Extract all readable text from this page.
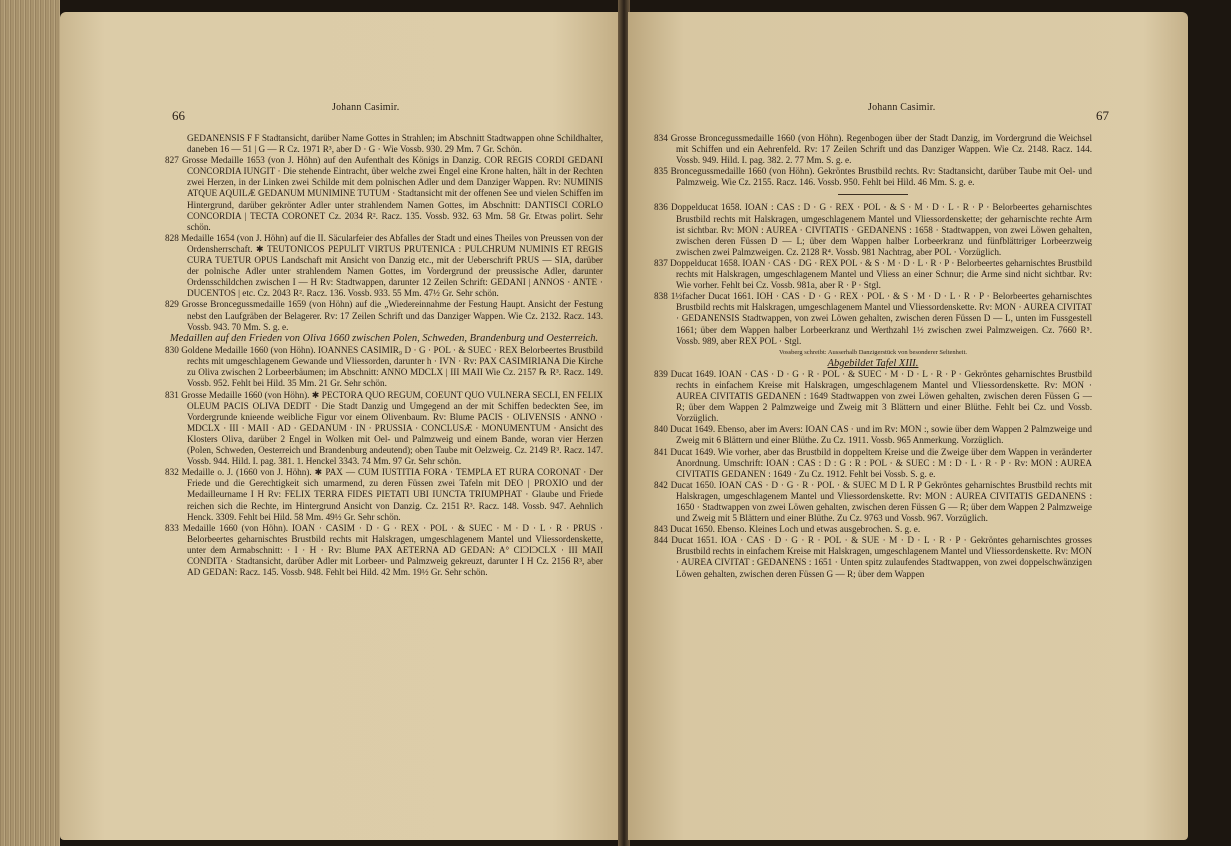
66
Johann Casimir.

GEDANENSIS F F Stadtansicht, darüber Name Gottes in Strahlen; im Abschnitt Stadtwappen ohne Schildhalter, daneben 16 — 51 | G — R Cz. 1971 R³, aber D · G · Wie Vossb. 930. 29 Mm. 7 Gr. Schön.

827 Grosse Medaille 1653 (von J. Höhn) auf den Aufenthalt des Königs in Danzig. COR REGIS CORDI GEDANI CONCORDIA IUNGIT · Die stehende Eintracht, über welche zwei Engel eine Krone halten, hält in der Rechten zwei Herzen, in der Linken zwei Schilde mit dem polnischen Adler und dem Danziger Wappen. Rv: NUMINIS ATQUE AQUILÆ GEDANUM MUNIMINE TUTUM · Stadtansicht mit der offenen See und vielen Schiffen im Hintergrund, darüber gekrönter Adler unter strahlendem Namen Gottes, im Abschnitt: DANTISCI CORLO CONCORDIA | TECTA CORONET Cz. 2034 R². Racz. 135. Vossb. 932. 63 Mm. 58 Gr. Etwas polirt. Sehr schön.

828 Medaille 1654 (von J. Höhn) auf die II. Säcularfeier des Abfalles der Stadt und eines Theiles von Preussen von der Ordensherrschaft. ✱ TEUTONICOS PEPULIT VIRTUS PRUTENICA : PULCHRUM NUMINIS ET REGIS CURA TUETUR OPUS Landschaft mit Ansicht von Danzig etc., mit der Ueberschrift PRUS — SIA, darüber der polnische Adler unter strahlendem Namen Gottes, im Vordergrund der preussische Adler, darunter Ordensschildchen zwischen I — H Rv: Stadtwappen, darunter 12 Zeilen Schrift: GEDANI | ANNOS · ANTE · DUCENTOS | etc. Cz. 2043 R². Racz. 136. Vossb. 933. 55 Mm. 47½ Gr. Sehr schön.

829 Grosse Broncegussmedaille 1659 (von Höhn) auf die „Wiedereinnahme der Festung Haupt. Ansicht der Festung nebst den Laufgräben der Belagerer. Rv: 17 Zeilen Schrift und das Danziger Wappen. Wie Cz. 2132. Racz. 143. Vossb. 943. 70 Mm. S. g. e.

Medaillen auf den Frieden von Oliva 1660 zwischen Polen, Schweden, Brandenburg und Oesterreich.

830 Goldene Medaille 1660 (von Höhn). IOANNES CASIMIR₉ D · G · POL · & SUEC · REX Belorbeertes Brustbild rechts mit umgeschlagenem Gewande und Vliessorden, darunter h · IVN · Rv: PAX CASIMIRIANA Die Kirche zu Oliva zwischen 2 Lorbeerbäumen; im Abschnitt: ANNO MDCLX | III MAII Wie Cz. 2157 ℞ R³. Racz. 149. Vossb. 952. Fehlt bei Hild. 35 Mm. 21 Gr. Sehr schön.

831 Grosse Medaille 1660 (von Höhn). ✱ PECTORA QUO REGUM, COEUNT QUO VULNERA SECLI, EN FELIX OLEUM PACIS OLIVA DEDIT · Die Stadt Danzig und Umgegend an der mit Schiffen bedeckten See, im Vordergrunde knieende weibliche Figur vor einem Olivenbaum. Rv: Blume PACIS · OLIVENSIS · ANNO · MDCLX · III · MAII · AD · GEDANUM · IN · PRUSSIA · CONCLUSÆ · MONUMENTUM · Ansicht des Klosters Oliva, darüber 2 Engel in Wolken mit Oel- und Palmzweig und einem Bande, woran vier Herzen (Polen, Schweden, Oesterreich und Brandenburg andeutend); oben Taube mit Oelzweig. Cz. 2149 R³. Racz. 147. Vossb. 944. Hild. I. pag. 381. 1. Henckel 3343. 74 Mm. 97 Gr. Sehr schön.

832 Medaille o. J. (1660 von J. Höhn). ✱ PAX — CUM IUSTITIA FORA · TEMPLA ET RURA CORONAT · Der Friede und die Gerechtigkeit sich umarmend, zu deren Füssen zwei Tafeln mit DEO | PROXIO und der Medailleurname I H Rv: FELIX TERRA FIDES PIETATI UBI IUNCTA TRIUMPHAT · Glaube und Friede reichen sich die Rechte, im Hintergrund Ansicht von Danzig. Cz. 2151 R³. Racz. 148. Vossb. 947. Aehnlich Henck. 3309. Fehlt bei Hild. 58 Mm. 49½ Gr. Sehr schön.

833 Medaille 1660 (von Höhn). IOAN · CASIM · D · G · REX · POL · & SUEC · M · D · L · R · PRUS · Belorbeertes geharnischtes Brustbild rechts mit Halskragen, umgeschlagenem Mantel und Vliessordenskette, unter dem Armabschnitt: · I · H · Rv: Blume PAX AETERNA AD GEDAN: A° CIƆIƆCLX · III MAII CONDITA · Stadtansicht, darüber Adler mit Lorbeer- und Palmzweig gekreuzt, darunter I H Cz. 2156 R³, aber AD GEDAN: Racz. 145. Vossb. 948. Fehlt bei Hild. 42 Mm. 19½ Gr. Sehr schön.

Johann Casimir.
67

834 Grosse Broncegussmedaille 1660 (von Höhn). Regenbogen über der Stadt Danzig, im Vordergrund die Weichsel mit Schiffen und ein Aehrenfeld. Rv: 17 Zeilen Schrift und das Danziger Wappen. Wie Cz. 2148. Racz. 144. Vossb. 949. Hild. I. pag. 382. 2. 77 Mm. S. g. e.

835 Broncegussmedaille 1660 (von Höhn). Gekröntes Brustbild rechts. Rv: Stadtansicht, darüber Taube mit Oel- und Palmzweig. Wie Cz. 2155. Racz. 146. Vossb. 950. Fehlt bei Hild. 46 Mm. S. g. e.

836 Doppelducat 1658. IOAN : CAS : D · G · REX · POL · & S · M · D · L · R · P · Belorbeertes geharnischtes Brustbild rechts mit Halskragen, umgeschlagenem Mantel und Vliessordenskette; der geharnischte rechte Arm ist sichtbar. Rv: MON : AUREA · CIVITATIS · GEDANENS : 1658 · Stadtwappen, von zwei Löwen gehalten, zwischen deren Füssen D — L; über dem Wappen halber Lorbeerkranz und fünfblättriger Lorbeerzweig zwischen zwei Palmzweigen. Cz. 2128 R⁴. Vossb. 981 Nachtrag, aber POL · Vorzüglich.

837 Doppelducat 1658. IOAN · CAS · DG · REX POL · & S · M · D · L · R · P · Belorbeertes geharnischtes Brustbild rechts mit Halskragen, umgeschlagenem Mantel und Vliess an einer Schnur; die Arme sind nicht sichtbar. Rv: Wie vorher. Fehlt bei Cz. Vossb. 981a, aber R · P · Stgl.

838 1½facher Ducat 1661. IOH · CAS · D · G · REX · POL · & S · M · D · L · R · P · Belorbeertes geharnischtes Brustbild rechts mit Halskragen, umgeschlagenem Mantel und Vliessordenskette. Rv: MON · AUREA CIVITAT · GEDANENSIS Stadtwappen, von zwei Löwen gehalten, zwischen deren Füssen D — L, unten im Fussgestell 1661; über dem Wappen halber Lorbeerkranz und Werthzahl 1½ zwischen zwei Palmzweigen. Cz. 7660 R⁵. Vossb. 989, aber REX POL · Stgl.

Vossberg schreibt: Ausserhalb Danzigerstück von besonderer Seltenheit.

Abgebildet Tafel XIII.

839 Ducat 1649. IOAN · CAS · D · G · R · POL · & SUEC · M · D · L · R · P · Gekröntes geharnischtes Brustbild rechts in einfachem Kreise mit Halskragen, umgeschlagenem Mantel und Vliessordenskette. Rv: MON · AUREA CIVITATIS GEDANEN : 1649 Stadtwappen von zwei Löwen gehalten, zwischen deren Füssen G — R; über dem Wappen 2 Palmzweige und Zweig mit 3 Blättern und einer Blüthe. Fehlt bei Cz. und Vossb. Vorzüglich.

840 Ducat 1649. Ebenso, aber im Avers: IOAN CAS · und im Rv: MON :, sowie über dem Wappen 2 Palmzweige und Zweig mit 6 Blättern und einer Blüthe. Zu Cz. 1911. Vossb. 965 Anmerkung. Vorzüglich.

841 Ducat 1649. Wie vorher, aber das Brustbild in doppeltem Kreise und die Zweige über dem Wappen in veränderter Anordnung. Umschrift: IOAN : CAS : D : G : R : POL · & SUEC : M : D · L · R · P · Rv: MON : AUREA CIVITATIS GEDANEN : 1649 · Zu Cz. 1912. Fehlt bei Vossb. S. g. e.

842 Ducat 1650. IOAN CAS · D · G · R · POL · & SUEC M D L R P Gekröntes geharnischtes Brustbild rechts mit Halskragen, umgeschlagenem Mantel und Vliessordenskette. Rv: MON : AUREA CIVITATIS GEDANENS : 1650 · Stadtwappen von zwei Löwen gehalten, zwischen deren Füssen G — R; über dem Wappen 2 Palmzweige und Zweig mit 5 Blättern und einer Blüthe. Zu Cz. 9763 und Vossb. 967. Vorzüglich.

843 Ducat 1650. Ebenso. Kleines Loch und etwas ausgebrochen. S. g. e.

844 Ducat 1651. IOA · CAS · D · G · R · POL · & SUE · M · D · L · R · P · Gekröntes geharnischtes grosses Brustbild rechts in einfachem Kreise mit Halskragen, umgeschlagenem Mantel und Vliessordenskette. Rv: MON · AUREA CIVITAT : GEDANENS : 1651 · Unten spitz zulaufendes Stadtwappen, von zwei doppelschwänzigen Löwen gehalten, zwischen deren Füssen G — R; über dem Wappen
